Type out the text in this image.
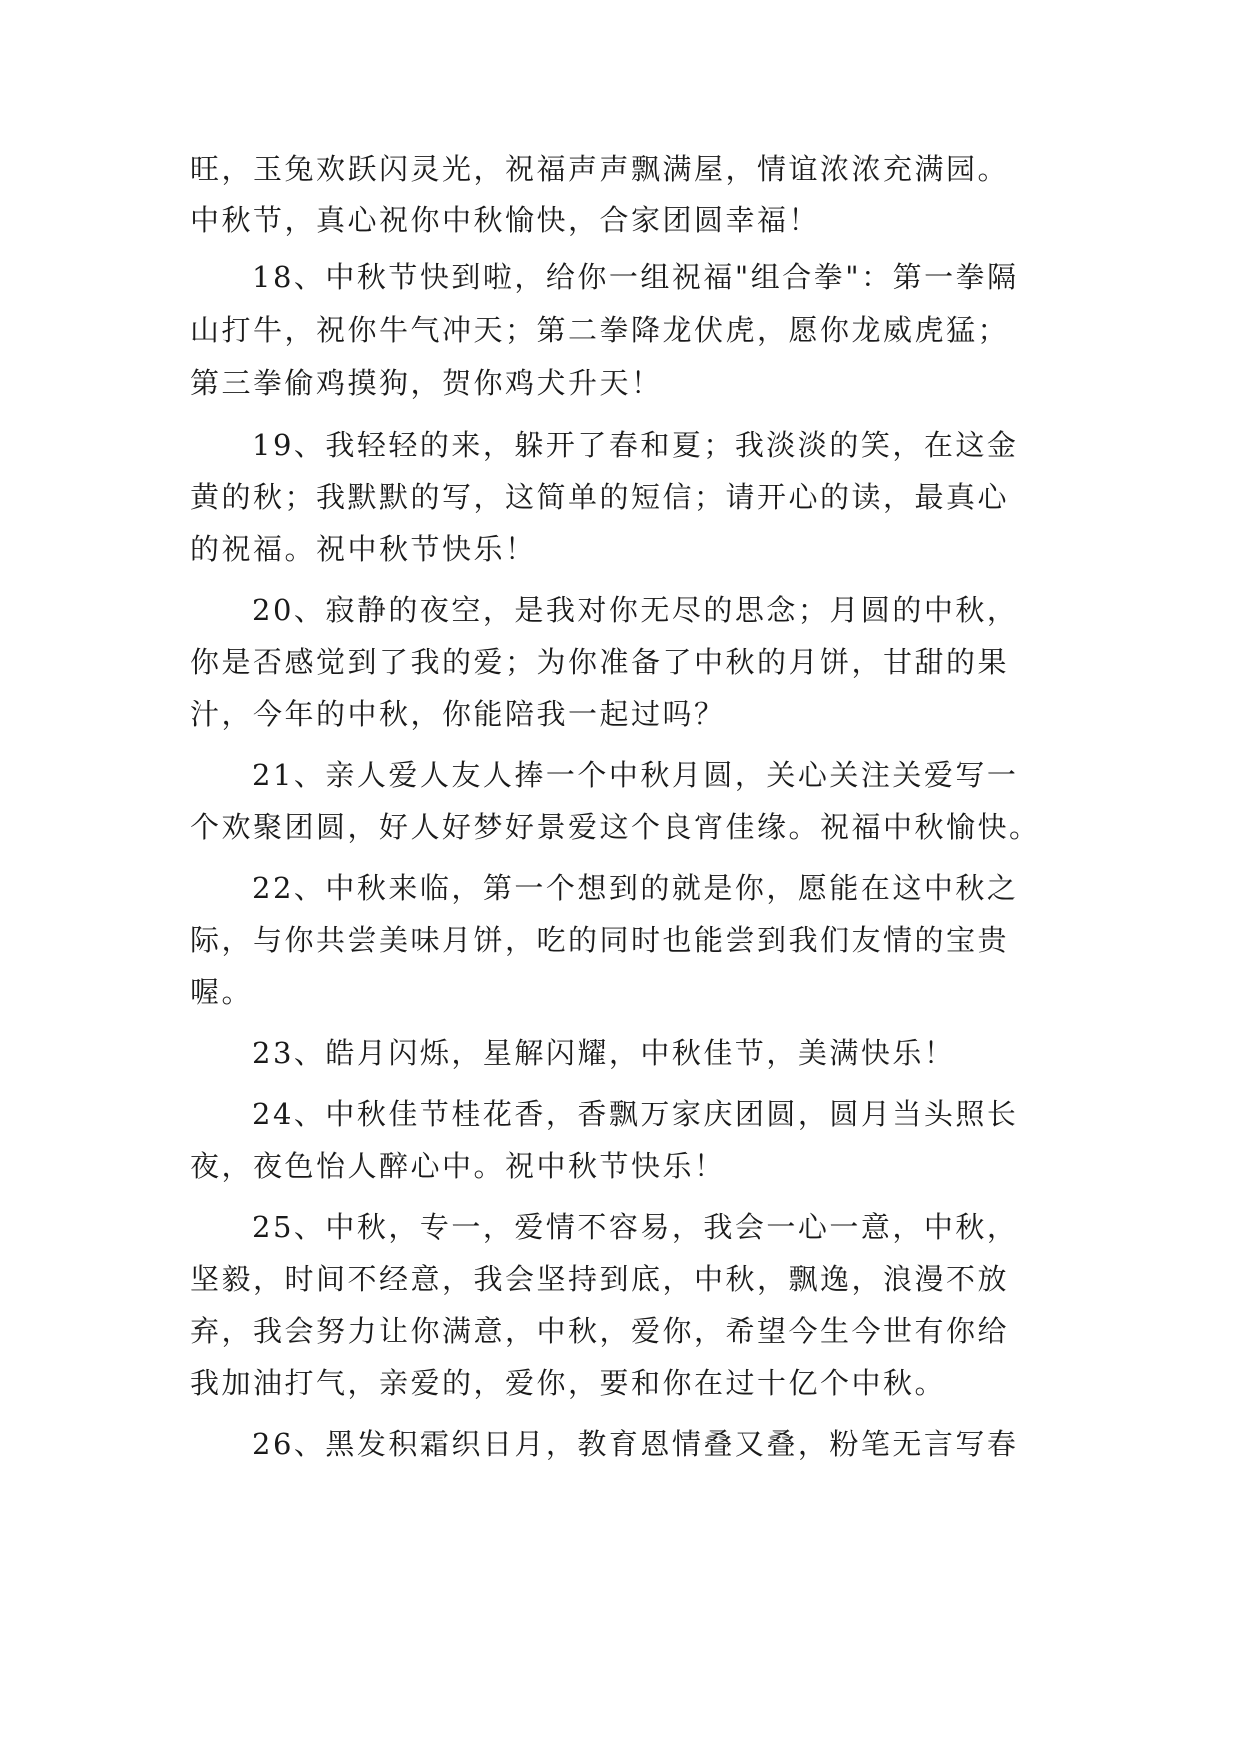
旺，玉兔欢跃闪灵光，祝福声声飘满屋，情谊浓浓充满园。
中秋节，真心祝你中秋愉快，合家团圆幸福！
18、中秋节快到啦，给你一组祝福"组合拳"：第一拳隔
山打牛，祝你牛气冲天；第二拳降龙伏虎，愿你龙威虎猛；
第三拳偷鸡摸狗，贺你鸡犬升天！
19、我轻轻的来，躲开了春和夏；我淡淡的笑，在这金
黄的秋；我默默的写，这简单的短信；请开心的读，最真心
的祝福。祝中秋节快乐！
20、寂静的夜空，是我对你无尽的思念；月圆的中秋，
你是否感觉到了我的爱；为你准备了中秋的月饼，甘甜的果
汁，今年的中秋，你能陪我一起过吗？
21、亲人爱人友人捧一个中秋月圆，关心关注关爱写一
个欢聚团圆，好人好梦好景爱这个良宵佳缘。祝福中秋愉快。
22、中秋来临，第一个想到的就是你，愿能在这中秋之
际，与你共尝美味月饼，吃的同时也能尝到我们友情的宝贵
喔。
23、皓月闪烁，星解闪耀，中秋佳节，美满快乐！
24、中秋佳节桂花香，香飘万家庆团圆，圆月当头照长
夜，夜色怡人醉心中。祝中秋节快乐！
25、中秋，专一，爱情不容易，我会一心一意，中秋，
坚毅，时间不经意，我会坚持到底，中秋，飘逸，浪漫不放
弃，我会努力让你满意，中秋，爱你，希望今生今世有你给
我加油打气，亲爱的，爱你，要和你在过十亿个中秋。
26、黑发积霜织日月，教育恩情叠又叠，粉笔无言写春
